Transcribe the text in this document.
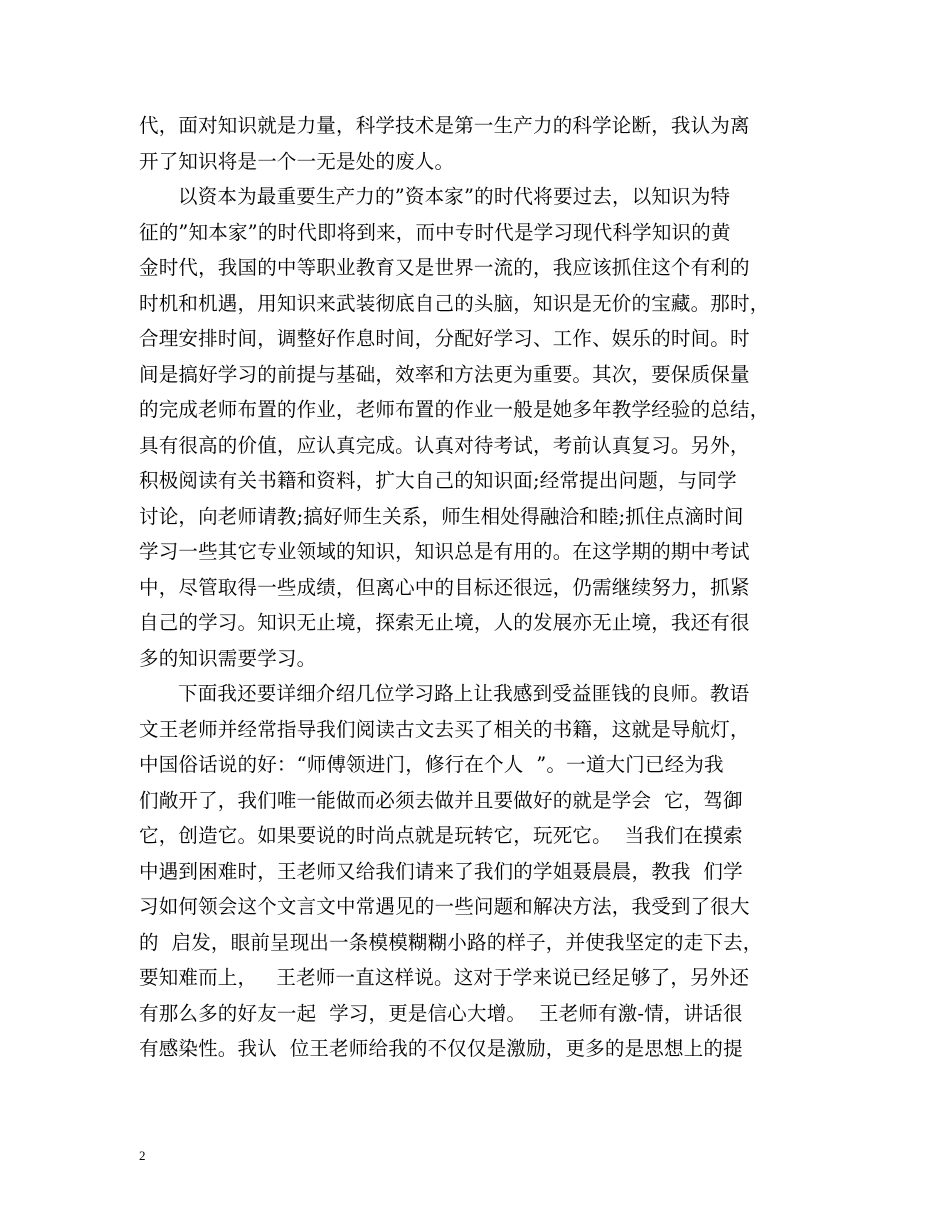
代，面对知识就是力量，科学技术是第一生产力的科学论断，我认为离
开了知识将是一个一无是处的废人。
以资本为最重要生产力的”资本家”的时代将要过去，以知识为特
征的”知本家”的时代即将到来，而中专时代是学习现代科学知识的黄
金时代，我国的中等职业教育又是世界一流的，我应该抓住这个有利的
时机和机遇，用知识来武装彻底自己的头脑，知识是无价的宝藏。那时，
合理安排时间，调整好作息时间，分配好学习、工作、娱乐的时间。时
间是搞好学习的前提与基础，效率和方法更为重要。其次，要保质保量
的完成老师布置的作业，老师布置的作业一般是她多年教学经验的总结，
具有很高的价值，应认真完成。认真对待考试，考前认真复习。另外，
积极阅读有关书籍和资料，扩大自己的知识面;经常提出问题，与同学
讨论，向老师请教;搞好师生关系，师生相处得融洽和睦;抓住点滴时间
学习一些其它专业领域的知识，知识总是有用的。在这学期的期中考试
中，尽管取得一些成绩，但离心中的目标还很远，仍需继续努力，抓紧
自己的学习。知识无止境，探索无止境，人的发展亦无止境，我还有很
多的知识需要学习。
下面我还要详细介绍几位学习路上让我感到受益匪钱的良师。教语
文王老师并经常指导我们阅读古文去买了相关的书籍，这就是导航灯，
中国俗话说的好：“师傅领进门，修行在个人  ”。一道大门已经为我
们敞开了，我们唯一能做而必须去做并且要做好的就是学会  它，驾御
它，创造它。如果要说的时尚点就是玩转它，玩死它。  当我们在摸索
中遇到困难时，王老师又给我们请来了我们的学姐聂晨晨，教我  们学
习如何领会这个文言文中常遇见的一些问题和解决方法，我受到了很大
的  启发，眼前呈现出一条模模糊糊小路的样子，并使我坚定的走下去，
要知难而上，   王老师一直这样说。这对于学来说已经足够了，另外还
有那么多的好友一起  学习，更是信心大增。  王老师有激-情，讲话很
有感染性。我认  位王老师给我的不仅仅是激励，更多的是思想上的提
2
